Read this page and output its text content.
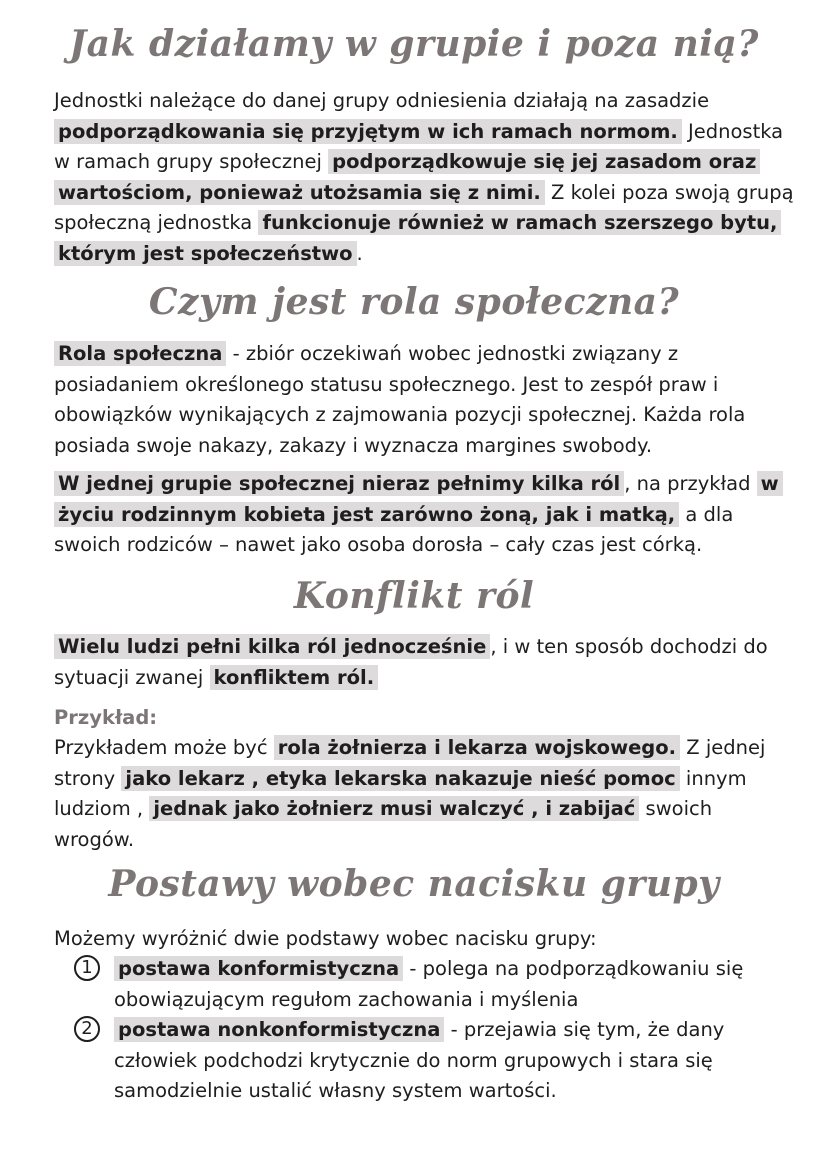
Jak działamy w grupie i poza nią?

Jednostki należące do danej grupy odniesienia działają na zasadzie podporządkowania się przyjętym w ich ramach normom. Jednostka w ramach grupy społecznej podporządkowuje się jej zasadom oraz wartościom, ponieważ utożsamia się z nimi. Z kolei poza swoją grupą społeczną jednostka funkcionuje również w ramach szerszego bytu, którym jest społeczeństwo .

Czym jest rola społeczna?

Rola społeczna - zbiór oczekiwań wobec jednostki związany z posiadaniem określonego statusu społecznego. Jest to zespół praw i obowiązków wynikających z zajmowania pozycji społecznej. Każda rola posiada swoje nakazy, zakazy i wyznacza margines swobody.

W jednej grupie społecznej nieraz pełnimy kilka ról , na przykład w życiu rodzinnym kobieta jest zarówno żoną, jak i matką, a dla swoich rodziców – nawet jako osoba dorosła – cały czas jest córką.

Konflikt ról

Wielu ludzi pełni kilka ról jednocześnie , i w ten sposób dochodzi do sytuacji zwanej konfliktem ról.

Przykład:

Przykładem może być rola żołnierza i lekarza wojskowego. Z jednej strony jako lekarz , etyka lekarska nakazuje nieść pomoc innym ludziom , jednak jako żołnierz musi walczyć , i zabijać swoich wrogów.

Postawy wobec nacisku grupy

Możemy wyróżnić dwie podstawy wobec nacisku grupy:

1	postawa konformistyczna - polega na podporządkowaniu się obowiązującym regułom zachowania i myślenia
2	postawa nonkonformistyczna - przejawia się tym, że dany człowiek podchodzi krytycznie do norm grupowych i stara się samodzielnie ustalić własny system wartości.
